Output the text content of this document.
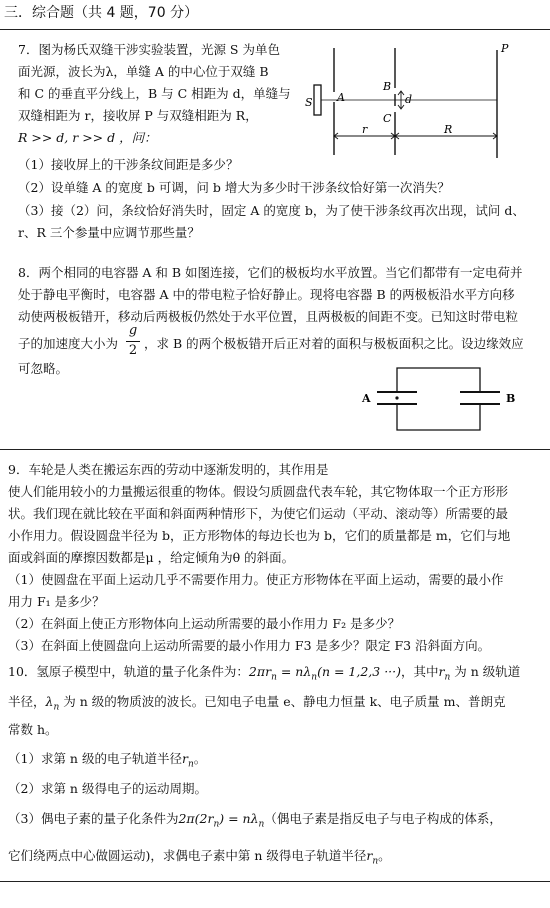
三．综合题（共 4 题，70 分）
7．图为杨氏双缝干涉实验装置，光源 S 为单色
面光源，波长为λ，单缝 A 的中心位于双缝 B
和 C 的垂直平分线上，B 与 C 相距为 d，单缝与
双缝相距为 r，接收屏 P 与双缝相距为 R，
R >> d, r >> d ，问：
（1）接收屏上的干涉条纹间距是多少？
（2）设单缝 A 的宽度 b 可调，问 b 增大为多少时干涉条纹恰好第一次消失？
（3）接（2）问，条纹恰好消失时，固定 A 的宽度 b，为了使干涉条纹再次出现，试问 d、
r、R 三个参量中应调节那些量？
S A
B
C
d
P
r	R
8．两个相同的电容器 A 和 B 如图连接，它们的极板均水平放置。当它们都带有一定电荷并
处于静电平衡时，电容器 A 中的带电粒子恰好静止。现将电容器 B 的两极板沿水平方向移
动使两极板错开，移动后两极板仍然处于水平位置，且两极板的间距不变。已知这时带电粒
子的加速度大小为
g
2 ，求 B 的两个极板错开后正对着的面积与极板面积之比。设边缘效应
可忽略。
A	B
9．车轮是人类在搬运东西的劳动中逐渐发明的，其作用是
使人们能用较小的力量搬运很重的物体。假设匀质圆盘代表车轮，其它物体取一个正方形形
状。我们现在就比较在平面和斜面两种情形下，为使它们运动（平动、滚动等）所需要的最
小作用力。假设圆盘半径为 b，正方形物体的每边长也为 b，它们的质量都是 m，它们与地
面或斜面的摩擦因数都是μ ，给定倾角为θ 的斜面。
（1）使圆盘在平面上运动几乎不需要作用力。使正方形物体在平面上运动，需要的最小作
用力 F₁ 是多少？
（2）在斜面上使正方形物体向上运动所需要的最小作用力 F₂ 是多少？
（3）在斜面上使圆盘向上运动所需要的最小作用力 F3 是多少？限定 F3 沿斜面方向。
10．氢原子模型中，轨道的量子化条件为：$2\pi r_n = n\lambda_n(n = 1,2,3$ ···)，其中$r_n$ 为 n 级轨道
半径，$\lambda_n$ 为 n 级的物质波的波长。已知电子电量 e、静电力恒量 k、电子质量 m、普朗克
常数 h。
（1）求第 n 级的电子轨道半径$r_n$。
（2）求第 n 级得电子的运动周期。
（3）偶电子素的量子化条件为$2\pi(2r_n) = n\lambda_n$（偶电子素是指反电子与电子构成的体系，
它们绕两点中心做圆运动)，求偶电子素中第 n 级得电子轨道半径$r_n$。
